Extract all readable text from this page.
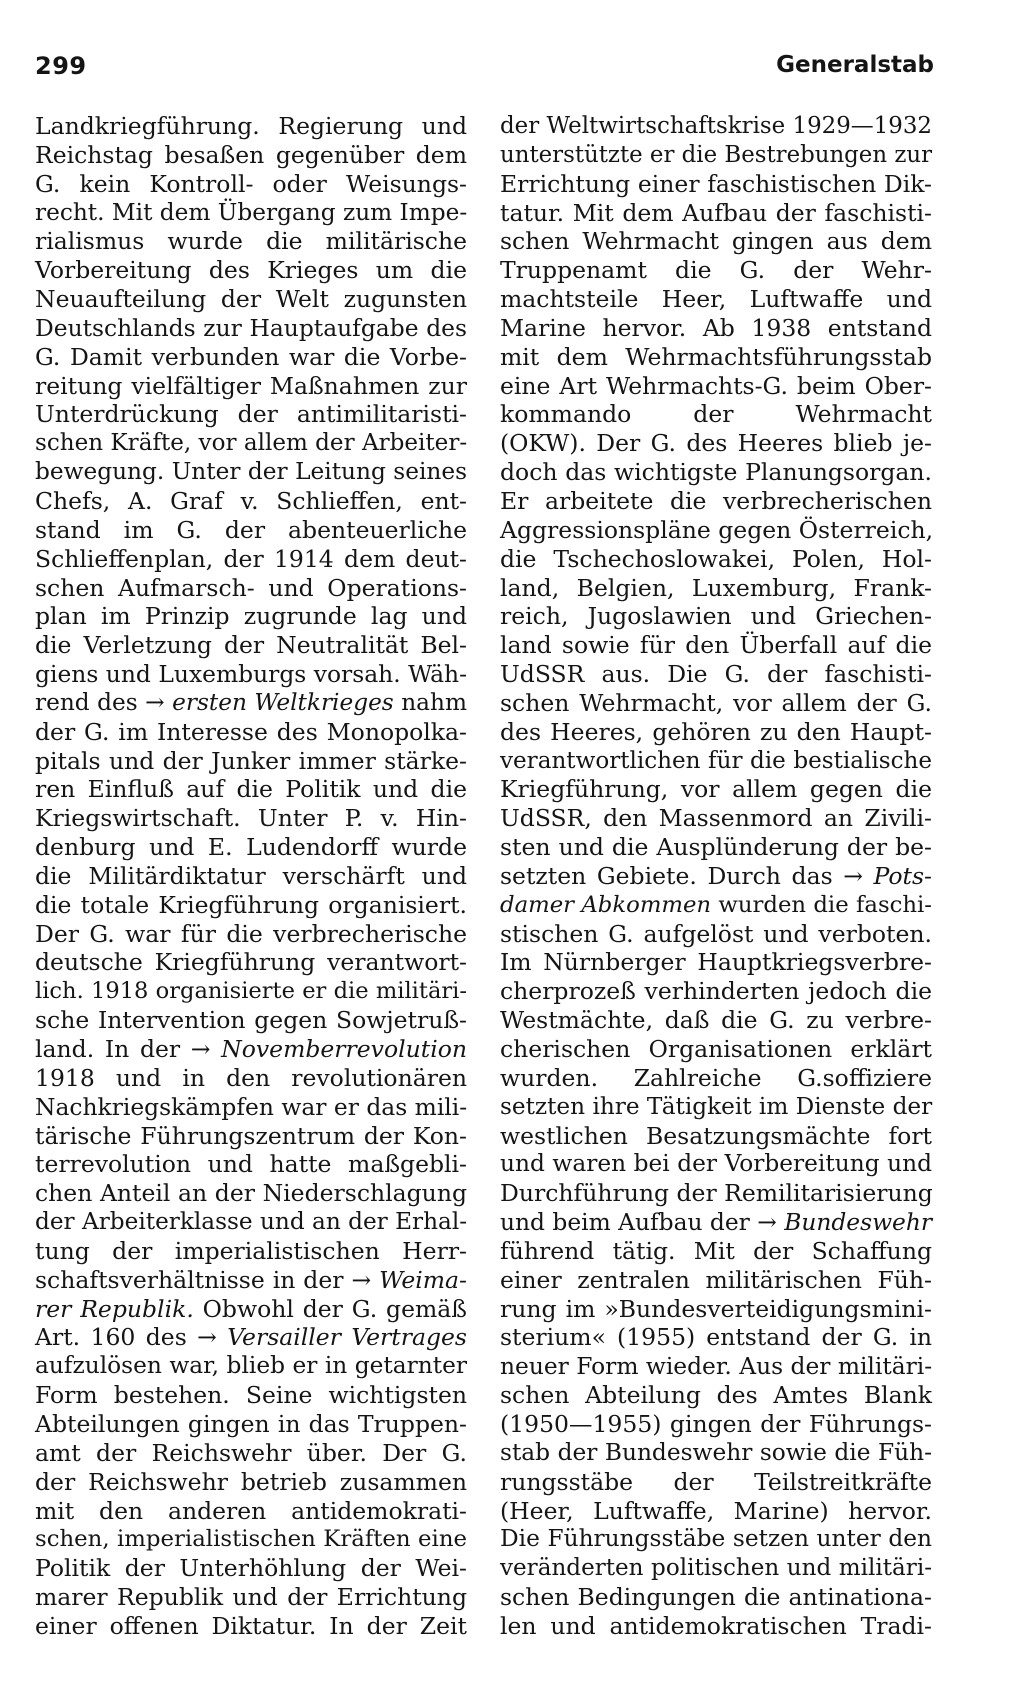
299	Generalstab
Landkriegführung. Regierung und
Reichstag besaßen gegenüber dem
G. kein Kontroll- oder Weisungs-
recht. Mit dem Übergang zum Impe-
rialismus wurde die militärische
Vorbereitung des Krieges um die
Neuaufteilung der Welt zugunsten
Deutschlands zur Hauptaufgabe des
G. Damit verbunden war die Vorbe-
reitung vielfältiger Maßnahmen zur
Unterdrückung der antimilitaristi-
schen Kräfte, vor allem der Arbeiter-
bewegung. Unter der Leitung seines
Chefs, A. Graf v. Schlieffen, ent-
stand im G. der abenteuerliche
Schlieffenplan, der 1914 dem deut-
schen Aufmarsch- und Operations-
plan im Prinzip zugrunde lag und
die Verletzung der Neutralität Bel-
giens und Luxemburgs vorsah. Wäh-
rend des → ersten Weltkrieges nahm
der G. im Interesse des Monopolka-
pitals und der Junker immer stärke-
ren Einfluß auf die Politik und die
Kriegswirtschaft. Unter P. v. Hin-
denburg und E. Ludendorff wurde
die Militärdiktatur verschärft und
die totale Kriegführung organisiert.
Der G. war für die verbrecherische
deutsche Kriegführung verantwort-
lich. 1918 organisierte er die militäri-
sche Intervention gegen Sowjetruß-
land. In der → Novemberrevolution
1918 und in den revolutionären
Nachkriegskämpfen war er das mili-
tärische Führungszentrum der Kon-
terrevolution und hatte maßgebli-
chen Anteil an der Niederschlagung
der Arbeiterklasse und an der Erhal-
tung der imperialistischen Herr-
schaftsverhältnisse in der → Weima-
rer Republik. Obwohl der G. gemäß
Art. 160 des → Versailler Vertrages
aufzulösen war, blieb er in getarnter
Form bestehen. Seine wichtigsten
Abteilungen gingen in das Truppen-
amt der Reichswehr über. Der G.
der Reichswehr betrieb zusammen
mit den anderen antidemokrati-
schen, imperialistischen Kräften eine
Politik der Unterhöhlung der Wei-
marer Republik und der Errichtung
einer offenen Diktatur. In der Zeit
der Weltwirtschaftskrise 1929—1932
unterstützte er die Bestrebungen zur
Errichtung einer faschistischen Dik-
tatur. Mit dem Aufbau der faschisti-
schen Wehrmacht gingen aus dem
Truppenamt die G. der Wehr-
machtsteile Heer, Luftwaffe und
Marine hervor. Ab 1938 entstand
mit dem Wehrmachtsführungsstab
eine Art Wehrmachts-G. beim Ober-
kommando der Wehrmacht
(OKW). Der G. des Heeres blieb je-
doch das wichtigste Planungsorgan.
Er arbeitete die verbrecherischen
Aggressionspläne gegen Österreich,
die Tschechoslowakei, Polen, Hol-
land, Belgien, Luxemburg, Frank-
reich, Jugoslawien und Griechen-
land sowie für den Überfall auf die
UdSSR aus. Die G. der faschisti-
schen Wehrmacht, vor allem der G.
des Heeres, gehören zu den Haupt-
verantwortlichen für die bestialische
Kriegführung, vor allem gegen die
UdSSR, den Massenmord an Zivili-
sten und die Ausplünderung der be-
setzten Gebiete. Durch das → Pots-
damer Abkommen wurden die faschi-
stischen G. aufgelöst und verboten.
Im Nürnberger Hauptkriegsverbre-
cherprozeß verhinderten jedoch die
Westmächte, daß die G. zu verbre-
cherischen Organisationen erklärt
wurden. Zahlreiche G.soffiziere
setzten ihre Tätigkeit im Dienste der
westlichen Besatzungsmächte fort
und waren bei der Vorbereitung und
Durchführung der Remilitarisierung
und beim Aufbau der → Bundeswehr
führend tätig. Mit der Schaffung
einer zentralen militärischen Füh-
rung im »Bundesverteidigungsmini-
sterium« (1955) entstand der G. in
neuer Form wieder. Aus der militäri-
schen Abteilung des Amtes Blank
(1950—1955) gingen der Führungs-
stab der Bundeswehr sowie die Füh-
rungsstäbe der Teilstreitkräfte
(Heer, Luftwaffe, Marine) hervor.
Die Führungsstäbe setzen unter den
veränderten politischen und militäri-
schen Bedingungen die antinationa-
len und antidemokratischen Tradi-
